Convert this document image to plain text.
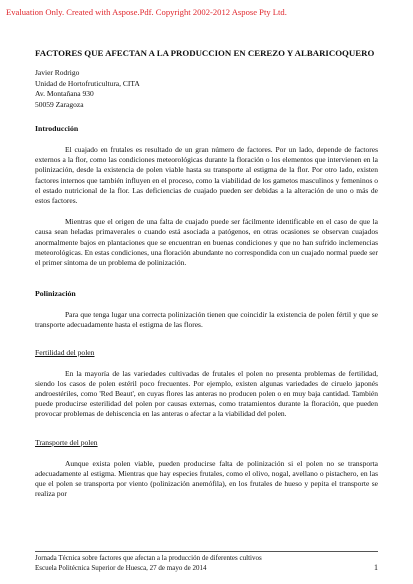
Evaluation Only. Created with Aspose.Pdf. Copyright 2002-2012 Aspose Pty Ltd.
FACTORES QUE AFECTAN A LA PRODUCCION EN CEREZO Y ALBARICOQUERO
Javier Rodrigo
Unidad de Hortofruticultura, CITA
Av. Montañana 930
50059 Zaragoza
Introducción

El cuajado en frutales es resultado de un gran número de factores. Por un lado, depende de factores externos a la flor, como las condiciones meteorológicas durante la floración o los elementos que intervienen en la polinización, desde la existencia de polen viable hasta su transporte al estigma de la flor. Por otro lado, existen factores internos que también influyen en el proceso, como la viabilidad de los gametos masculinos y femeninos o el estado nutricional de la flor. Las deficiencias de cuajado pueden ser debidas a la alteración de uno o más de estos factores.

Mientras que el origen de una falta de cuajado puede ser fácilmente identificable en el caso de que la causa sean heladas primaverales o cuando está asociada a patógenos, en otras ocasiones se observan cuajados anormalmente bajos en plantaciones que se encuentran en buenas condiciones y que no han sufrido inclemencias meteorológicas. En estas condiciones, una floración abundante no correspondida con un cuajado normal puede ser el primer síntoma de un problema de polinización.

Polinización

Para que tenga lugar una correcta polinización tienen que coincidir la existencia de polen fértil y que se transporte adecuadamente hasta el estigma de las flores.

Fertilidad del polen

En la mayoría de las variedades cultivadas de frutales el polen no presenta problemas de fertilidad, siendo los casos de polen estéril poco frecuentes. Por ejemplo, existen algunas variedades de ciruelo japonés androestériles, como 'Red Beaut', en cuyas flores las anteras no producen polen o en muy baja cantidad. También puede producirse esterilidad del polen por causas externas, como tratamientos durante la floración, que pueden provocar problemas de dehiscencia en las anteras o afectar a la viabilidad del polen.

Transporte del polen

Aunque exista polen viable, pueden producirse falta de polinización si el polen no se transporta adecuadamente al estigma. Mientras que hay especies frutales, como el olivo, nogal, avellano o pistachero, en las que el polen se transporta por viento (polinización anemófila), en los frutales de hueso y pepita el transporte se realiza por

Jornada Técnica sobre factores que afectan a la producción de diferentes cultivos
Escuela Politécnica Superior de Huesca, 27 de mayo de 2014	1
